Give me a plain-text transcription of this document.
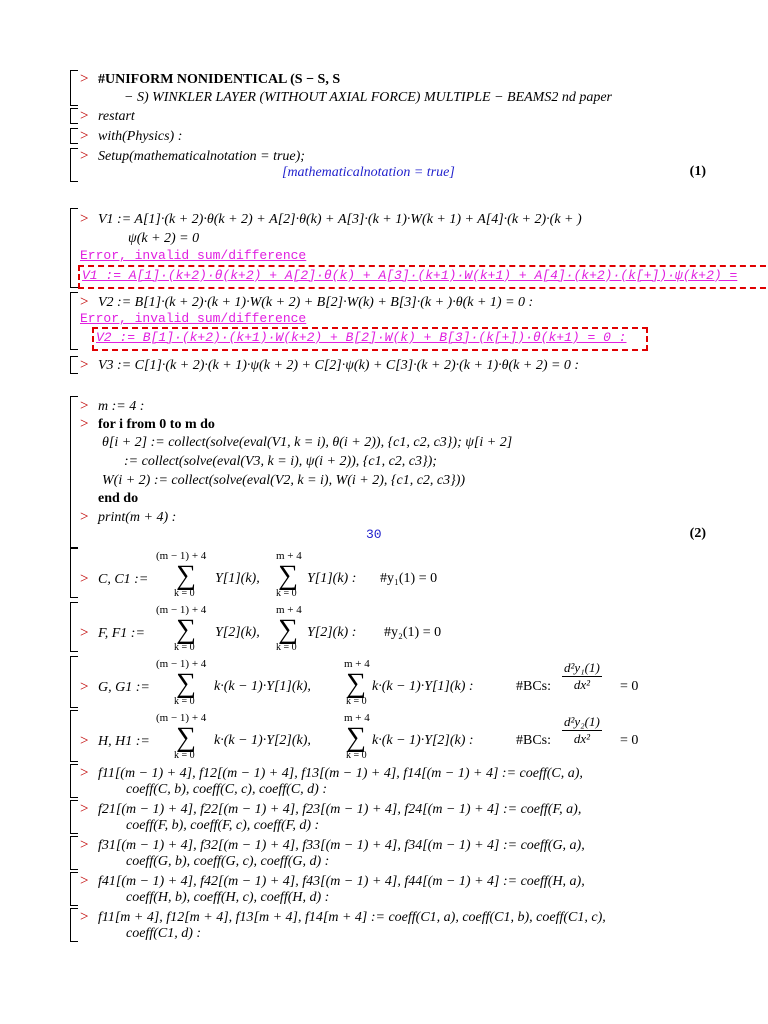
> #UNIFORM NONIDENTICAL (S − S, S
− S) WINKLER LAYER (WITHOUT AXIAL FORCE) MULTIPLE − BEAMS2 nd paper
> restart
> with(Physics) :
> Setup(mathematicalnotation = true);
[mathematicalnotation = true]	(1)
> V1 := A[1]·(k + 2)·θ(k + 2) + A[2]·θ(k) + A[3]·(k + 1)·W(k + 1) + A[4]·(k + 2)·(k + )
ψ(k + 2) = 0
Error, invalid sum/difference
V1 := A[1]·(k+2)·θ(k+2) + A[2]·θ(k) + A[3]·(k+1)·W(k+1) + A[4]·(k+2)·(k[+])·ψ(k+2) =
> V2 := B[1]·(k + 2)·(k + 1)·W(k + 2) + B[2]·W(k) + B[3]·(k + )·θ(k + 1) = 0 :
Error, invalid sum/difference
V2 := B[1]·(k+2)·(k+1)·W(k+2) + B[2]·W(k) + B[3]·(k[+])·θ(k+1) = 0 :
> V3 := C[1]·(k + 2)·(k + 1)·ψ(k + 2) + C[2]·ψ(k) + C[3]·(k + 2)·(k + 1)·θ(k + 2) = 0 :
> m := 4 :
> for i from 0 to m do
θ[i + 2] := collect(solve(eval(V1, k = i), θ(i + 2)), {c1, c2, c3}); ψ[i + 2]
:= collect(solve(eval(V3, k = i), ψ(i + 2)), {c1, c2, c3});
W(i + 2) := collect(solve(eval(V2, k = i), W(i + 2), {c1, c2, c3}))
end do
> print(m + 4) :
30	(2)
> C, C1 :=
(m − 1) + 4
∑
k = 0
Y[1](k),
m + 4
∑
k = 0
Y[1](k) : #y₁(1) = 0
> F, F1 :=
(m − 1) + 4
∑
k = 0
Y[2](k),
m + 4
∑
k = 0
Y[2](k) : #y₂(1) = 0
> G, G1 :=
(m − 1) + 4
∑
k = 0
k·(k − 1)·Y[1](k),
m + 4
∑
k = 0
k·(k − 1)·Y[1](k) :	#BCs: $\frac{\text{d²y₁(1)}}{\text{dx²}} = 0$
> H, H1 :=
(m − 1) + 4
∑
k = 0
k·(k − 1)·Y[2](k),
m + 4
∑
k = 0
k·(k − 1)·Y[2](k) :	#BCs: $\frac{\text{d²y₂(1)}}{\text{dx²}} = 0$
> f11[(m − 1) + 4], f12[(m − 1) + 4], f13[(m − 1) + 4], f14[(m − 1) + 4] := coeff(C, a),
coeff(C, b), coeff(C, c), coeff(C, d) :
> f21[(m − 1) + 4], f22[(m − 1) + 4], f23[(m − 1) + 4], f24[(m − 1) + 4] := coeff(F, a),
coeff(F, b), coeff(F, c), coeff(F, d) :
> f31[(m − 1) + 4], f32[(m − 1) + 4], f33[(m − 1) + 4], f34[(m − 1) + 4] := coeff(G, a),
coeff(G, b), coeff(G, c), coeff(G, d) :
> f41[(m − 1) + 4], f42[(m − 1) + 4], f43[(m − 1) + 4], f44[(m − 1) + 4] := coeff(H, a),
coeff(H, b), coeff(H, c), coeff(H, d) :
> f11[m + 4], f12[m + 4], f13[m + 4], f14[m + 4] := coeff(C1, a), coeff(C1, b), coeff(C1, c),
coeff(C1, d) :
